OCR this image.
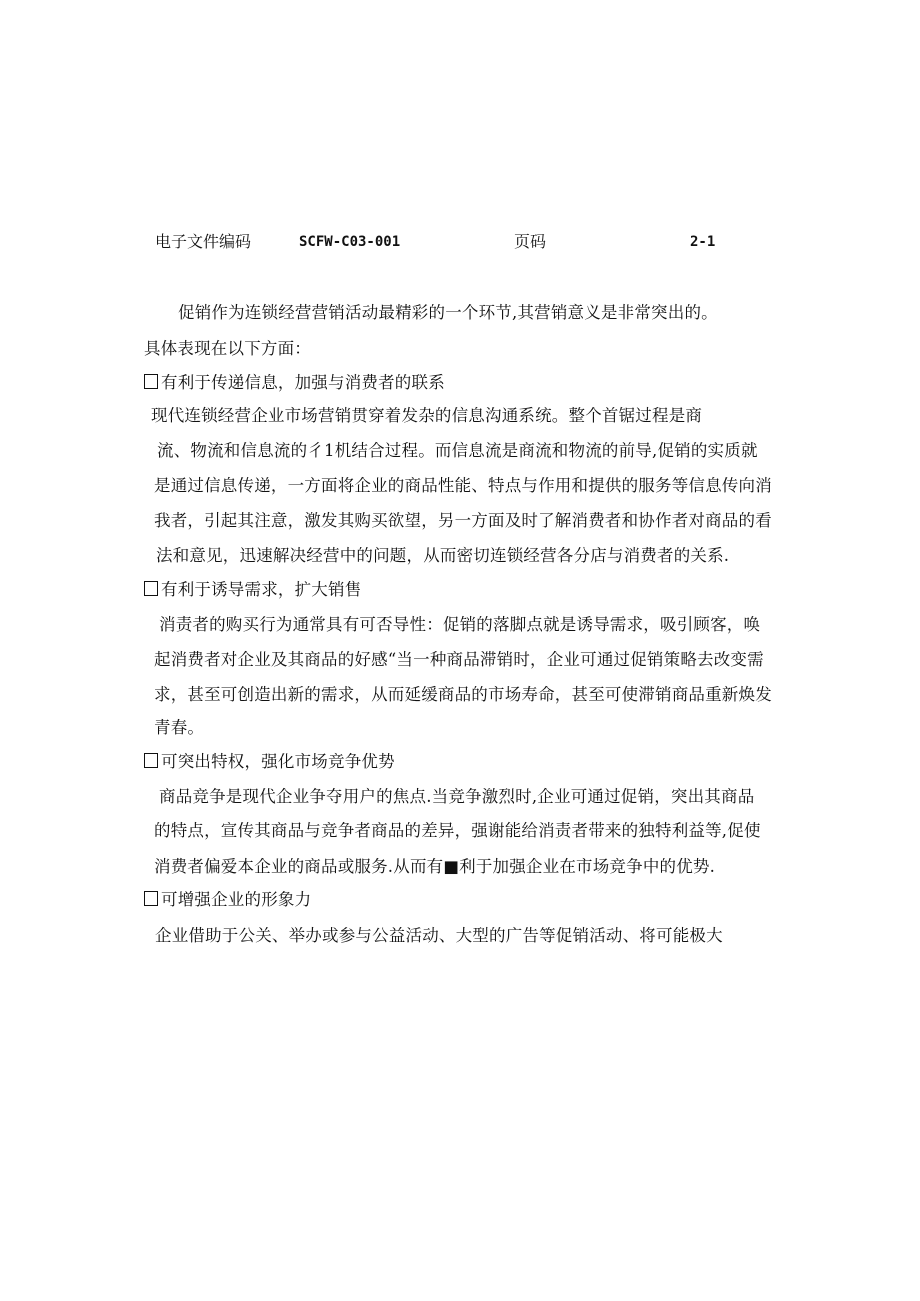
电子文件编码	SCFW-C03-001	页码	2-1
促销作为连锁经营营销活动最精彩的一个环节,其营销意义是非常突出的。
具体表现在以下方面：
有利于传递信息，加强与消费者的联系
现代连锁经营企业市场营销贯穿着发杂的信息沟通系统。整个首锯过程是商
流、物流和信息流的彳1机结合过程。而信息流是商流和物流的前导,促销的实质就
是通过信息传递，一方面将企业的商品性能、特点与作用和提供的服务等信息传向消
我者，引起其注意，激发其购买欲望，另一方面及时了解消费者和协作者对商品的看
法和意见，迅速解决经营中的问题，从而密切连锁经营各分店与消费者的关系.
有利于诱导需求，扩大销售
消责者的购买行为通常具有可否导性：促销的落脚点就是诱导需求，吸引顾客，唤
起消费者对企业及其商品的好感“当一种商品滞销时，企业可通过促销策略去改变需
求，甚至可创造出新的需求，从而延缓商品的市场寿命，甚至可使滞销商品重新焕发
青春。
可突出特权，强化市场竞争优势
商品竞争是现代企业争夺用户的焦点.当竞争激烈时,企业可通过促销，突出其商品
的特点，宣传其商品与竞争者商品的差异，强谢能给消责者带来的独特利益等,促使
消费者偏爱本企业的商品或服务.从而有■利于加强企业在市场竞争中的优势.
可增强企业的形象力
企业借助于公关、举办或参与公益活动、大型的广告等促销活动、将可能极大
